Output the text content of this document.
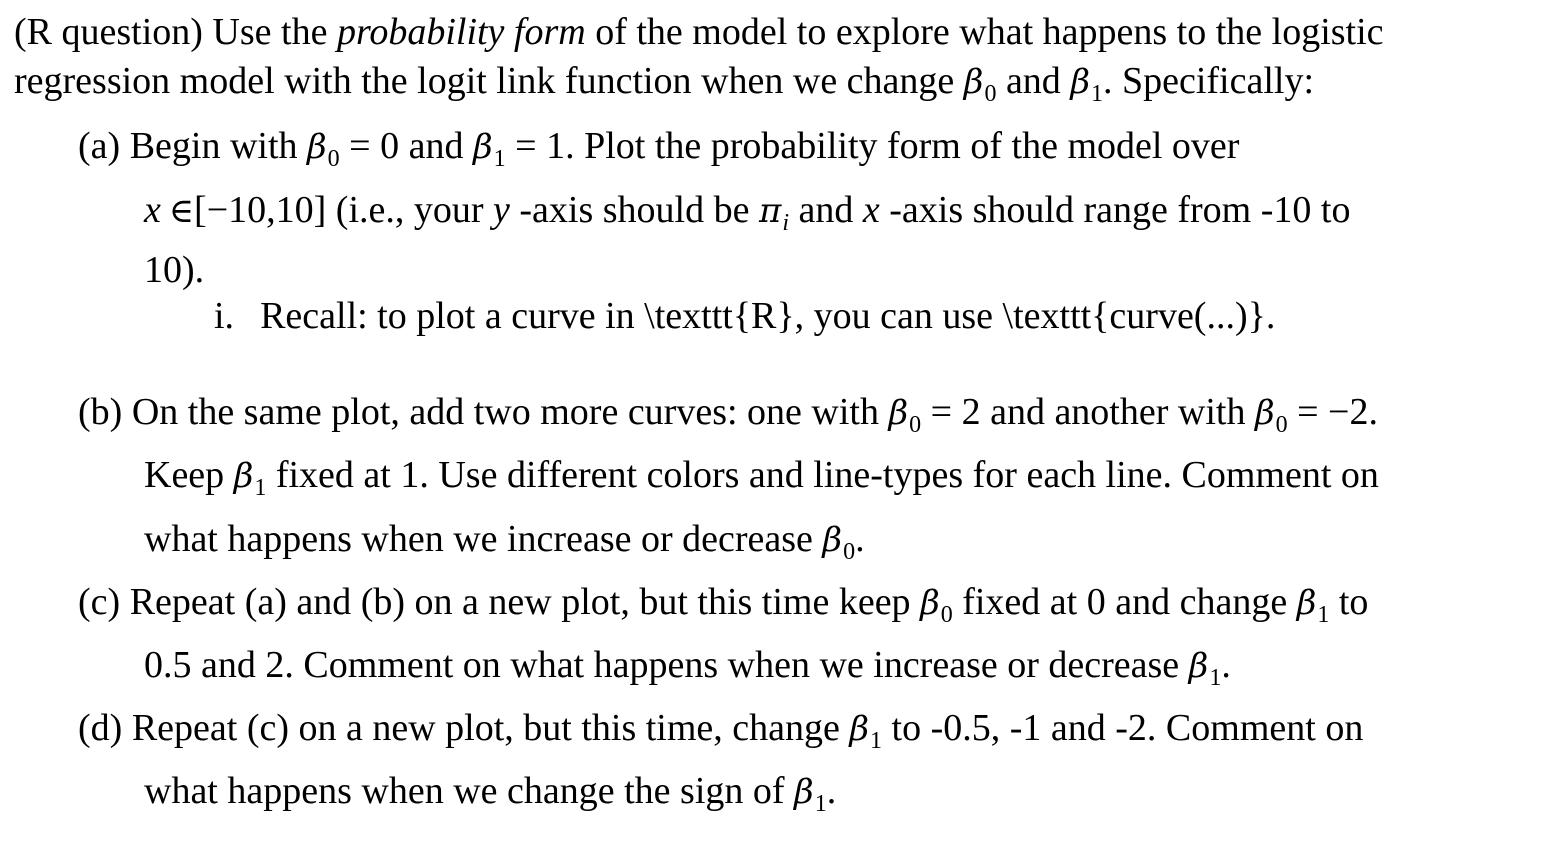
(R question) Use the probability form of the model to explore what happens to the logistic
regression model with the logit link function when we change $\beta_0$ and $\beta_1$. Specifically:
(a) Begin with $\beta_0 = 0$ and $\beta_1 = 1$. Plot the probability form of the model over
x ∈[−10,10] (i.e., your y -axis should be $\pi_i$ and x -axis should range from -10 to
10).
i. Recall: to plot a curve in \texttt{R}, you can use \texttt{curve(...)}.
(b) On the same plot, add two more curves: one with $\beta_0 = 2$ and another with $\beta_0 = -2$.
Keep $\beta_1$ fixed at 1. Use different colors and line-types for each line. Comment on
what happens when we increase or decrease $\beta_0$.
(c) Repeat (a) and (b) on a new plot, but this time keep $\beta_0$ fixed at 0 and change $\beta_1$ to
0.5 and 2. Comment on what happens when we increase or decrease $\beta_1$.
(d) Repeat (c) on a new plot, but this time, change $\beta_1$ to -0.5, -1 and -2. Comment on
what happens when we change the sign of $\beta_1$.
